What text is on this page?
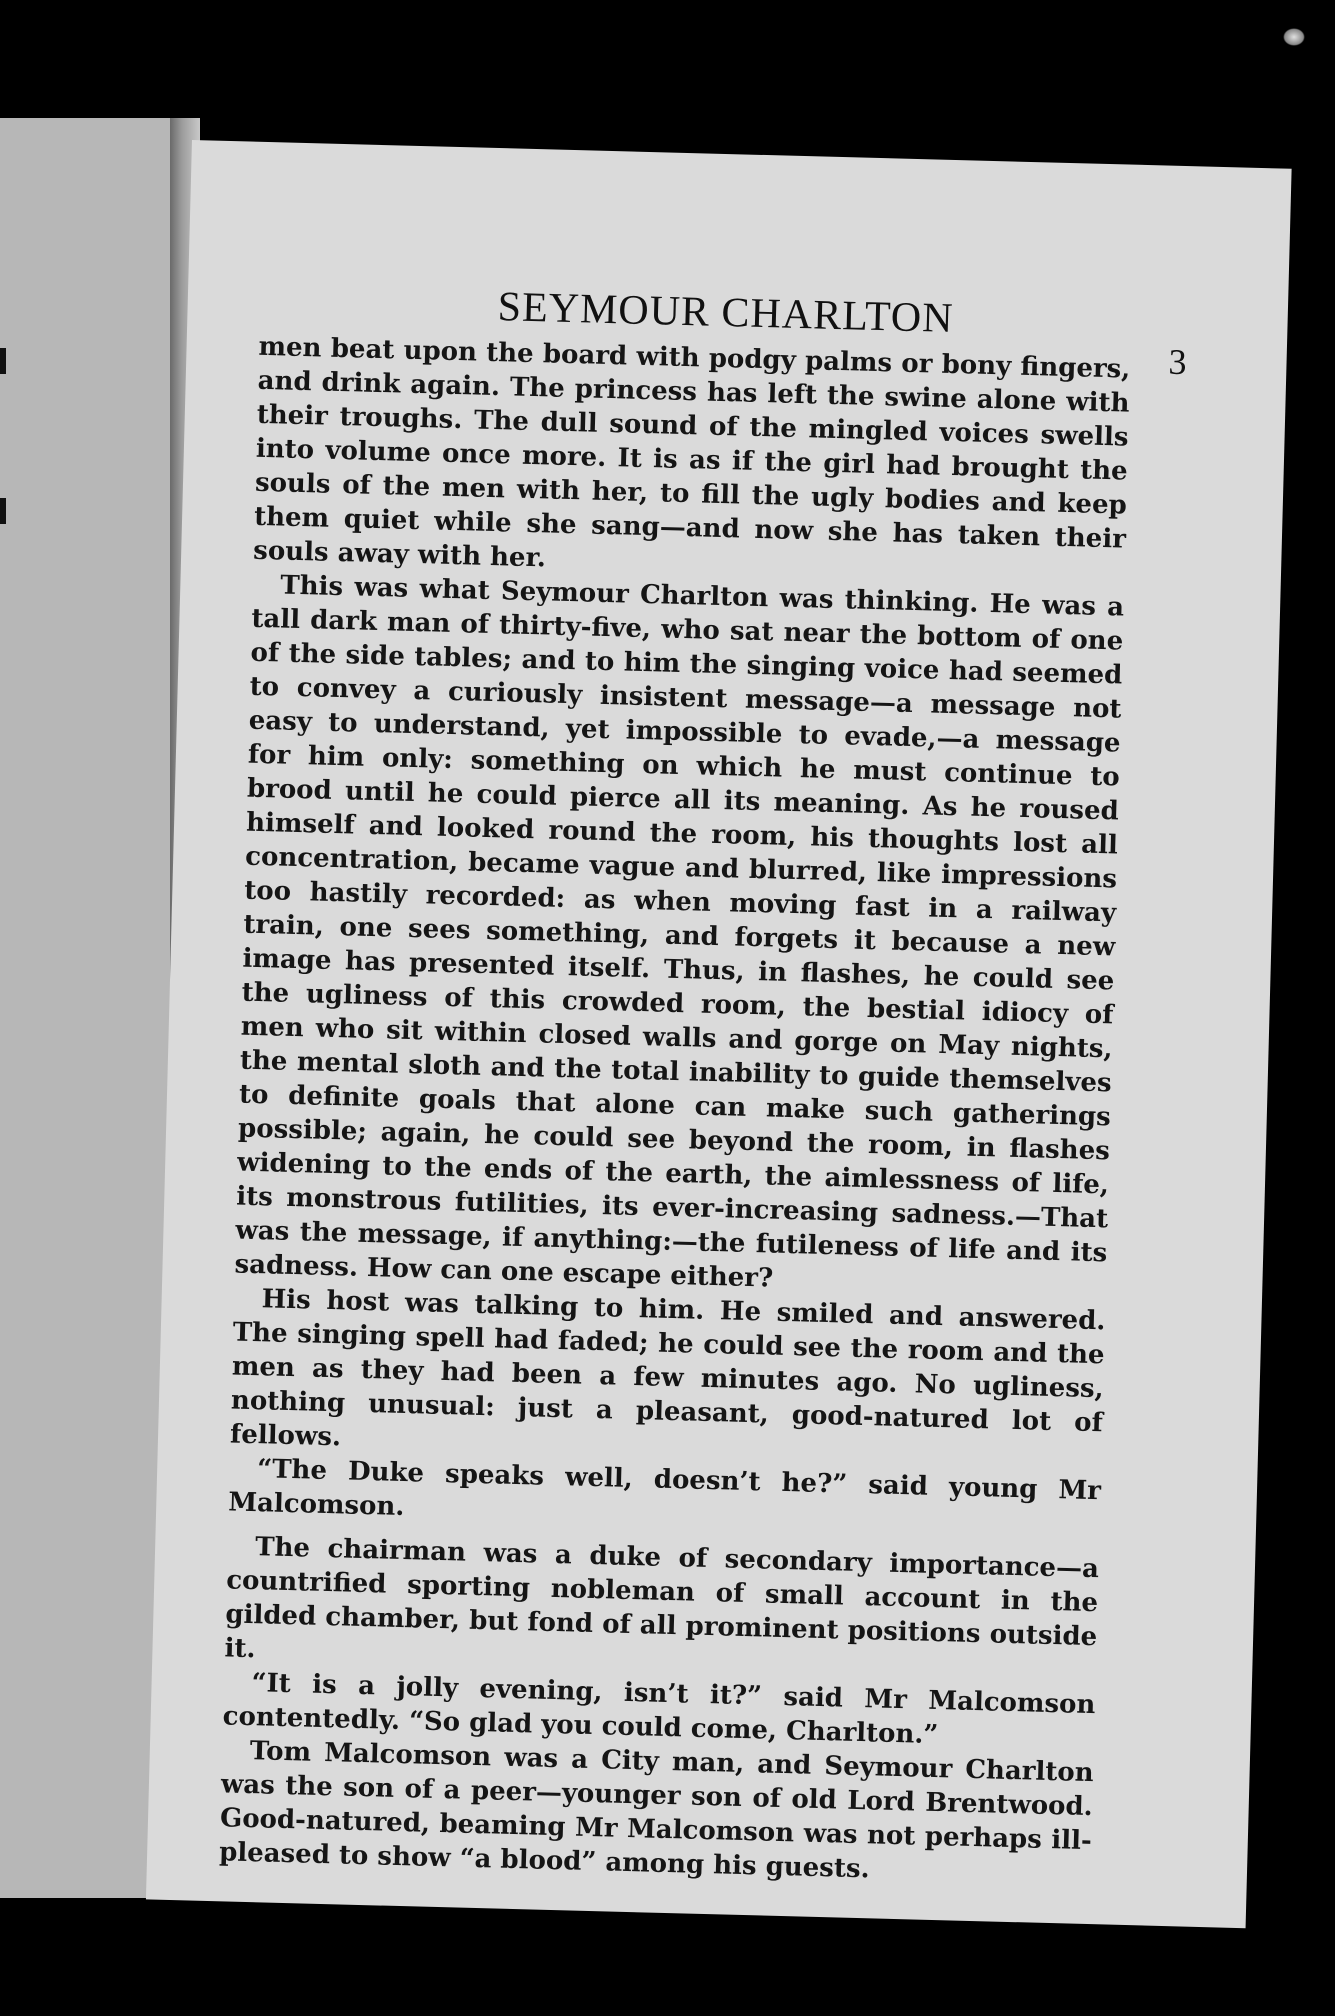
SEYMOUR CHARLTON
3

men beat upon the board with podgy palms or bony fingers, and drink again. The princess has left the swine alone with their troughs. The dull sound of the mingled voices swells into volume once more. It is as if the girl had brought the souls of the men with her, to fill the ugly bodies and keep them quiet while she sang—and now she has taken their souls away with her.

This was what Seymour Charlton was thinking. He was a tall dark man of thirty-five, who sat near the bottom of one of the side tables; and to him the singing voice had seemed to convey a curiously insistent message—a message not easy to understand, yet impossible to evade,—a message for him only: something on which he must continue to brood until he could pierce all its meaning. As he roused himself and looked round the room, his thoughts lost all concentration, became vague and blurred, like impressions too hastily recorded: as when moving fast in a railway train, one sees something, and forgets it because a new image has presented itself. Thus, in flashes, he could see the ugliness of this crowded room, the bestial idiocy of men who sit within closed walls and gorge on May nights, the mental sloth and the total inability to guide themselves to definite goals that alone can make such gatherings possible; again, he could see beyond the room, in flashes widening to the ends of the earth, the aimlessness of life, its monstrous futilities, its ever-increasing sadness.—That was the message, if anything:—the futileness of life and its sadness. How can one escape either?

His host was talking to him. He smiled and answered. The singing spell had faded; he could see the room and the men as they had been a few minutes ago. No ugliness, nothing unusual: just a pleasant, good-natured lot of fellows.

“The Duke speaks well, doesn’t he?” said young Mr Malcomson.

The chairman was a duke of secondary importance—a countrified sporting nobleman of small account in the gilded chamber, but fond of all prominent positions outside it.

“It is a jolly evening, isn’t it?” said Mr Malcomson contentedly. “So glad you could come, Charlton.”

Tom Malcomson was a City man, and Seymour Charlton was the son of a peer—younger son of old Lord Brentwood. Good-natured, beaming Mr Malcomson was not perhaps ill-pleased to show “a blood” among his guests.
